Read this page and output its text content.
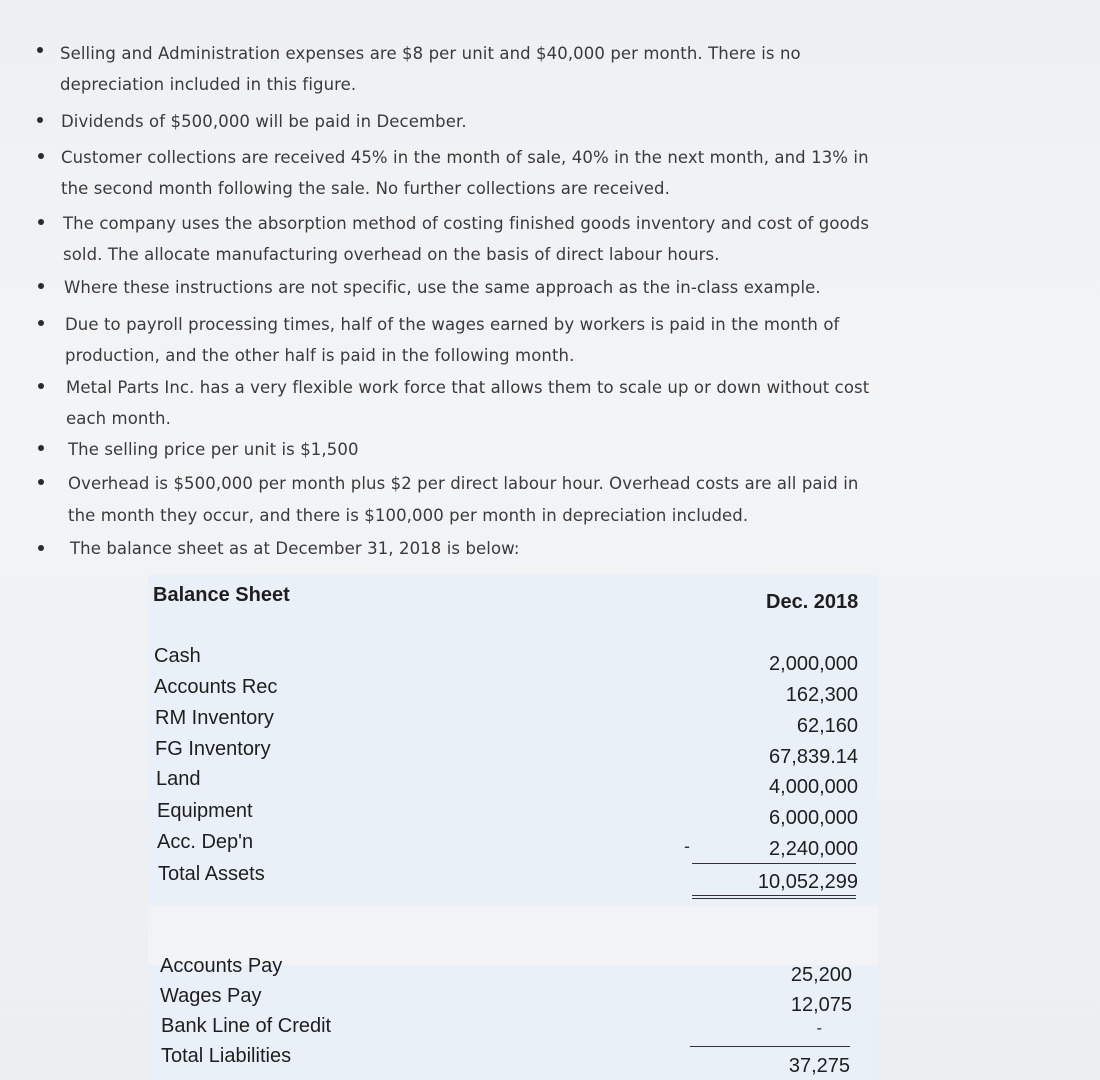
Selling and Administration expenses are $8 per unit and $40,000 per month. There is no
depreciation included in this figure.
Dividends of $500,000 will be paid in December.
Customer collections are received 45% in the month of sale, 40% in the next month, and 13% in
the second month following the sale. No further collections are received.
The company uses the absorption method of costing finished goods inventory and cost of goods
sold. The allocate manufacturing overhead on the basis of direct labour hours.
Where these instructions are not specific, use the same approach as the in-class example.
Due to payroll processing times, half of the wages earned by workers is paid in the month of
production, and the other half is paid in the following month.
Metal Parts Inc. has a very flexible work force that allows them to scale up or down without cost
each month.
The selling price per unit is $1,500
Overhead is $500,000 per month plus $2 per direct labour hour. Overhead costs are all paid in
the month they occur, and there is $100,000 per month in depreciation included.
The balance sheet as at December 31, 2018 is below:
Balance Sheet	Dec. 2018
Cash	2,000,000
Accounts Rec	162,300
RM Inventory	62,160
FG Inventory	67,839.14
Land	4,000,000
Equipment	6,000,000
Acc. Dep'n	-	2,240,000
Total Assets	10,052,299
Accounts Pay	25,200
Wages Pay	12,075
Bank Line of Credit	-
Total Liabilities	37,275
